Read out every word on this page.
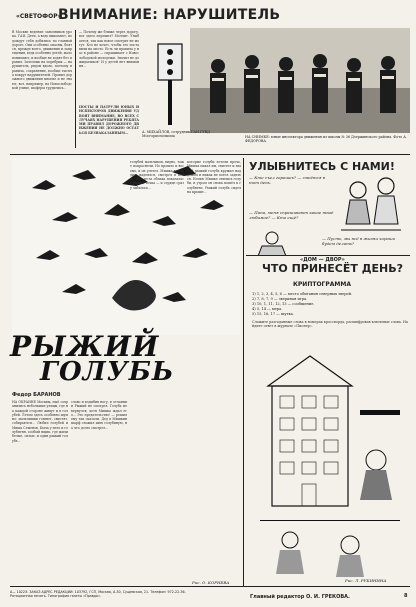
«СВЕТОФОР»
ВНИМАНИЕ: НАРУШИТЕЛЬ
В Москве ведение заночников урока. ГАИ. Дети, а ведь выкопают, подождут себя добились по главной дороге. Они особенно опасны, боятся, прежде всего, движения и запрещения, ведь особенно детей, мало понимают, и вообще не ходят без правил. Залезешь на поребрик — нарушитель, рядом вдоль, поэтому правила, сохранение, вообще тысяча вокруг нарушителей. Правил дорожного движения многие и не знают, вот, например, на Новослободской улице, шоферы трудились...
— Почему же ближе через дорогу, вот здесь перешел? Молчит. Улыбается, так как вовсе смотрит не могут. Кто не хочет, чтобы его поставили на место. Есть ли правила у нас в районе — спрашивает с Новослободской молодежи. Значит не дожидаешься! И у детей нет внимания...
ПОСТЫ И ПАТРУЛИ ЮНЫХ ИНСПЕКТОРОВ ДВИЖЕНИЯ УДВОЯТ ВНИМАНИЕ, ВО ВСЕХ СЛУЧАЯХ НАРУШЕНИЯ РЕБЯТАМИ ПРАВИЛ ДОРОЖНОГО ДВИЖЕНИЯ НЕ ДОЛЖНО ОСТАТЬСЯ БЕЗНАКАЗАННЫМ...	А. МИХАЙЛОВ, сотрудник ГАИ ГУВД Мосгорисполкома	НА СНИМКЕ: юные инспектора движения из школы № 36 Дзержинского района. Фото А. ФЕДОРОВА
РЫЖИЙ
ГОЛУБЬ
Федор БАРАНОВ
НА ОКРАИНЕ Москвы, ещё сохранились небольшие улицы, где на каждой стороне живут и в голубей. Летом здесь особенно шумно: мальчишки гоняют, свистят, собираются... Любил голубей и Миша Семенов. Была у него и голубятня, особый ящик, где жили белые, сизые, и один рыжий голубь...
слово и вздыбив ногу, в отчаянии Рыжий не смотрел. Голубь не вернулся, хотя Мишка ждал его... Это предательство! — решил ему так сказали. Дед в Мишкин шарф сложил шею голубиную, на что долго смотрел...
голубей мальчиков, видно, тоже покраснели. Но прошло и восемь, и он улетел. Мишка всё ходил, надеялся, смотрел в небо... Вот из-за облака показалась рыжая точка — и сердце сразу забилось...
которые голуби летели прочь, Мишка махал им, свистел и звал. А рыжий голубь кружил над домом и никак не хотел садиться. Ночью Мишке снились голуби, и утром он снова пошёл к голубятне. Рыжий голубь сидел на крыше...
Рис. О. КОРНЕВА
УЛЫБНИТЕСЬ С НАМИ!
— Кто съел горошек? — смеётся в тот день.
— Папа, меня спрашивают какое твоё любимое? — Кто ещё?
— Пусть, мы всё в жизни хорошо будем делать?
«ДОМ — ДВОР»
ЧТО ПРИНЕСЁТ ДЕНЬ?
КРИПТОГРАММА
1) 1, 2, 3, 4, 5, 6 — место обитания северных зверей.
2) 7, 8, 7, 9 — звериная игра.
3) 10, 1, 11, 12, 13 — сообщение.
4) 5, 14 — мера.
5) 15, 16, 17 — шутка.
Сложите разгаданные слова в номерах кроссворда, расшифровав ключевые слова. Найдите ответ в журнале «Пионер».
Рис. Л. РУБИНИНА
А— 1022Э. ЗАКАЗ АДРЕС РЕДАКЦИИ: 103792, ГСП, Москва, А-30, Сущевская, 21. Телефон: 972-22-36.
Ротационная печать. Типография газеты «Правда».	Главный редактор О. И. ГРЕКОВА.	8
